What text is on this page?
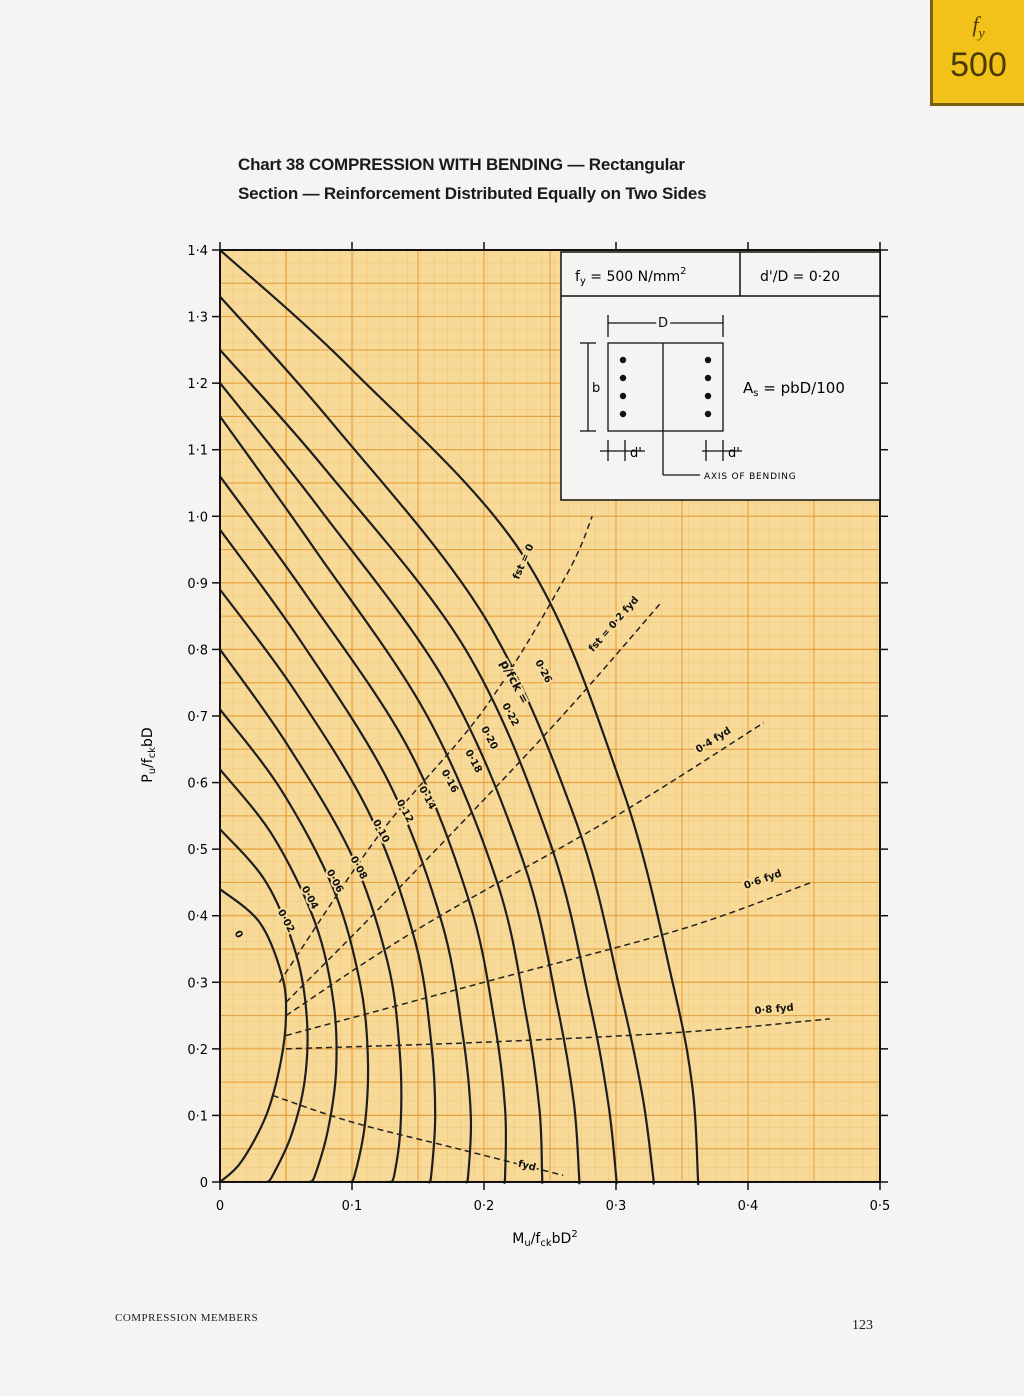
$f_y$
500
Chart 38 COMPRESSION WITH BENDING — Rectangular
Section — Reinforcement Distributed Equally on Two Sides
0	0·02
0·04
0·06 0·08
0·10
0·12 0·14
0·16
0·18
0·20
0·22
0·26
p/fck =
fst = 0
fst = 0·2 fyd
0·4 fyd
0·6 fyd
0·8 fyd
fyd
0
0·1
0·2
0·3
0·4
0·5
0·6
0·7
0·8
0·9
1·0
1·1
1·2
1·3
1·4
0	0·1	0·2	0·3	0·4	0·5
$P_u/f_{ck}bD$
$M_u/f_{ck}bD^2$
$f_y = 500$ $N/mm^2$	d'/D = 0·20
D
b
d'	d'
$A_s = pbD/100$
AXIS OF BENDING
COMPRESSION MEMBERS	123
